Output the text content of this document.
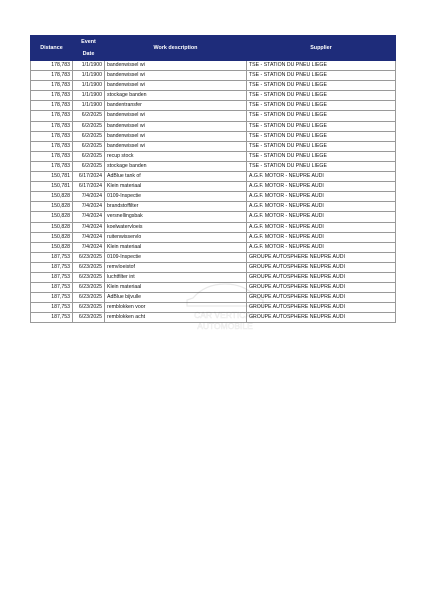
Distance	Event Date	Work description	Supplier
178,783	1/1/1900	bandenwissel wi	TSE - STATION DU PNEU LIEGE
178,783	1/1/1900	bandenwissel wi	TSE - STATION DU PNEU LIEGE
178,783	1/1/1900	bandenwissel wi	TSE - STATION DU PNEU LIEGE
178,783	1/1/1900	stockage banden	TSE - STATION DU PNEU LIEGE
178,783	1/1/1900	bandentransfer	TSE - STATION DU PNEU LIEGE
178,783	6/2/2025	bandenwissel wi	TSE - STATION DU PNEU LIEGE
178,783	6/2/2025	bandenwissel wi	TSE - STATION DU PNEU LIEGE
178,783	6/2/2025	bandenwissel wi	TSE - STATION DU PNEU LIEGE
178,783	6/2/2025	bandenwissel wi	TSE - STATION DU PNEU LIEGE
178,783	6/2/2025	recup stock	TSE - STATION DU PNEU LIEGE
178,783	6/2/2025	stockage banden	TSE - STATION DU PNEU LIEGE
150,781	6/17/2024	AdBlue tank of	A.G.F. MOTOR - NEUPRE AUDI
150,781	6/17/2024	Klein materiaal	A.G.F. MOTOR - NEUPRE AUDI
150,828	7/4/2024	0109-Inspectie	A.G.F. MOTOR - NEUPRE AUDI
150,828	7/4/2024	brandstoffilter	A.G.F. MOTOR - NEUPRE AUDI
150,828	7/4/2024	versnellingsbak	A.G.F. MOTOR - NEUPRE AUDI
150,828	7/4/2024	koelwatervloeis	A.G.F. MOTOR - NEUPRE AUDI
150,828	7/4/2024	ruitenwisservlo	A.G.F. MOTOR - NEUPRE AUDI
150,828	7/4/2024	Klein materiaal	A.G.F. MOTOR - NEUPRE AUDI
187,753	6/23/2025	0109-Inspectie	GROUPE AUTOSPHERE NEUPRE AUDI
187,753	6/23/2025	remvloeistof	GROUPE AUTOSPHERE NEUPRE AUDI
187,753	6/23/2025	luchtfilter int	GROUPE AUTOSPHERE NEUPRE AUDI
187,753	6/23/2025	Klein materiaal	GROUPE AUTOSPHERE NEUPRE AUDI
187,753	6/23/2025	AdBlue bijvulle	GROUPE AUTOSPHERE NEUPRE AUDI
187,753	6/23/2025	remblokken voor	GROUPE AUTOSPHERE NEUPRE AUDI
187,753	6/23/2025	remblokken acht	GROUPE AUTOSPHERE NEUPRE AUDI
CAR VERTICAL
AUTOMOBILE
